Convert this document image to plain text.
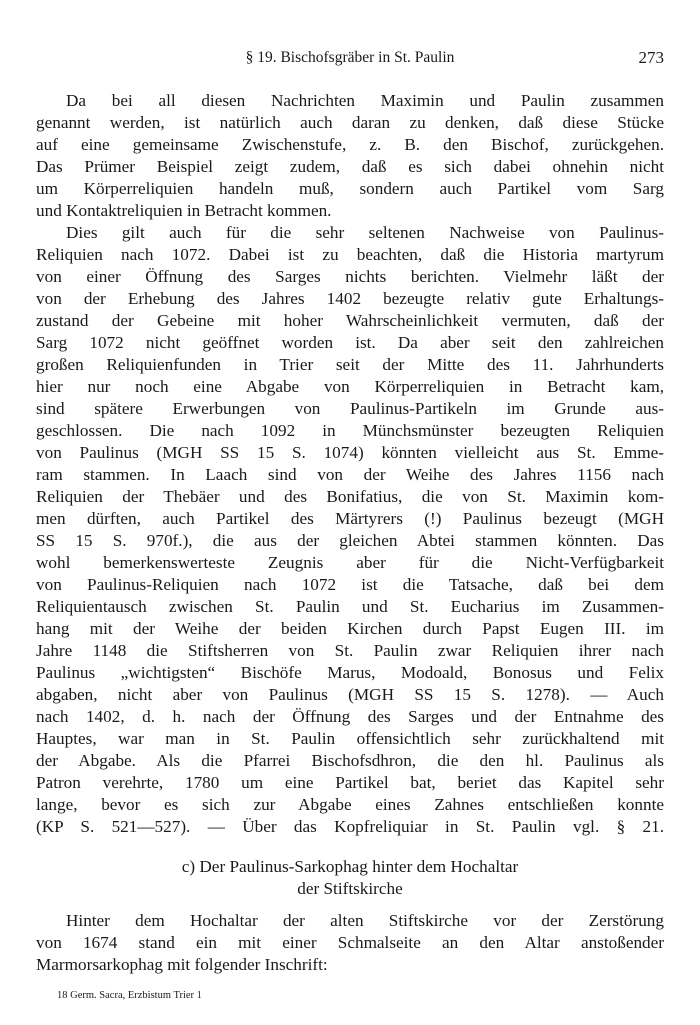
§ 19. Bischofsgräber in St. Paulin	273
Da bei all diesen Nachrichten Maximin und Paulin zusammen
genannt werden, ist natürlich auch daran zu denken, daß diese Stücke
auf eine gemeinsame Zwischenstufe, z. B. den Bischof, zurückgehen.
Das Prümer Beispiel zeigt zudem, daß es sich dabei ohnehin nicht
um Körperreliquien handeln muß, sondern auch Partikel vom Sarg
und Kontaktreliquien in Betracht kommen.
Dies gilt auch für die sehr seltenen Nachweise von Paulinus-
Reliquien nach 1072. Dabei ist zu beachten, daß die Historia martyrum
von einer Öffnung des Sarges nichts berichten. Vielmehr läßt der
von der Erhebung des Jahres 1402 bezeugte relativ gute Erhaltungs-
zustand der Gebeine mit hoher Wahrscheinlichkeit vermuten, daß der
Sarg 1072 nicht geöffnet worden ist. Da aber seit den zahlreichen
großen Reliquienfunden in Trier seit der Mitte des 11. Jahrhunderts
hier nur noch eine Abgabe von Körperreliquien in Betracht kam,
sind spätere Erwerbungen von Paulinus-Partikeln im Grunde aus-
geschlossen. Die nach 1092 in Münchsmünster bezeugten Reliquien
von Paulinus (MGH SS 15 S. 1074) könnten vielleicht aus St. Emme-
ram stammen. In Laach sind von der Weihe des Jahres 1156 nach
Reliquien der Thebäer und des Bonifatius, die von St. Maximin kom-
men dürften, auch Partikel des Märtyrers (!) Paulinus bezeugt (MGH
SS 15 S. 970f.), die aus der gleichen Abtei stammen könnten. Das
wohl bemerkenswerteste Zeugnis aber für die Nicht-Verfügbarkeit
von Paulinus-Reliquien nach 1072 ist die Tatsache, daß bei dem
Reliquientausch zwischen St. Paulin und St. Eucharius im Zusammen-
hang mit der Weihe der beiden Kirchen durch Papst Eugen III. im
Jahre 1148 die Stiftsherren von St. Paulin zwar Reliquien ihrer nach
Paulinus „wichtigsten“ Bischöfe Marus, Modoald, Bonosus und Felix
abgaben, nicht aber von Paulinus (MGH SS 15 S. 1278). — Auch
nach 1402, d. h. nach der Öffnung des Sarges und der Entnahme des
Hauptes, war man in St. Paulin offensichtlich sehr zurückhaltend mit
der Abgabe. Als die Pfarrei Bischofsdhron, die den hl. Paulinus als
Patron verehrte, 1780 um eine Partikel bat, beriet das Kapitel sehr
lange, bevor es sich zur Abgabe eines Zahnes entschließen konnte
(KP S. 521—527). — Über das Kopfreliquiar in St. Paulin vgl. § 21.
c) Der Paulinus-Sarkophag hinter dem Hochaltar
der Stiftskirche
Hinter dem Hochaltar der alten Stiftskirche vor der Zerstörung
von 1674 stand ein mit einer Schmalseite an den Altar anstoßender
Marmorsarkophag mit folgender Inschrift:
18 Germ. Sacra, Erzbistum Trier 1
